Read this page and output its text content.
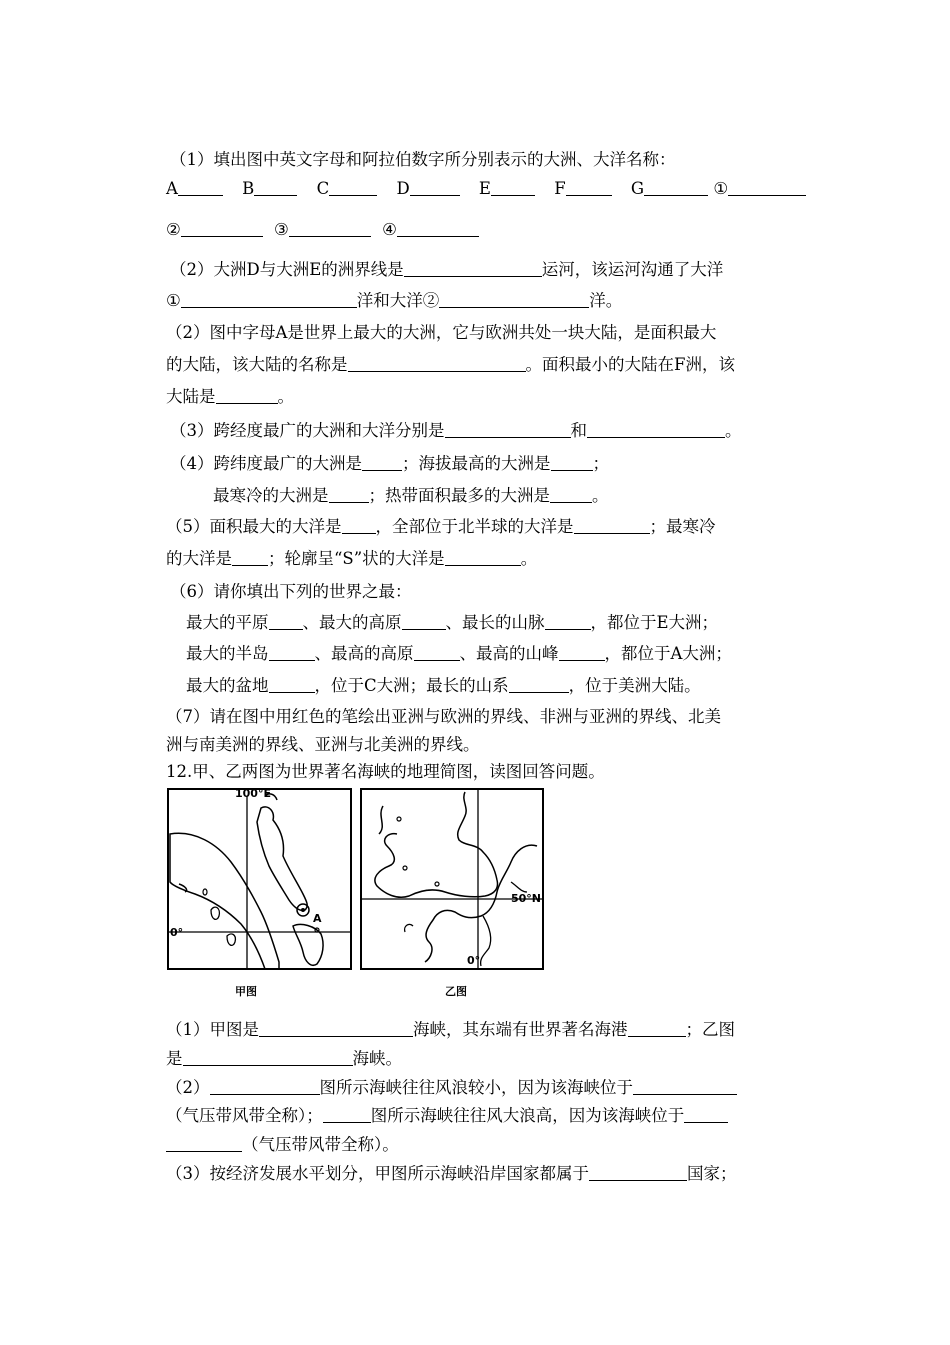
（1）填出图中英文字母和阿拉伯数字所分别表示的大洲、大洋名称：
A	B	C	D	E	F	G	①
②	③	④
（2）大洲D与大洲E的洲界线是	运河，该运河沟通了大洋
①	洋和大洋②	洋。
（2）图中字母A是世界上最大的大洲，它与欧洲共处一块大陆，是面积最大
的大陆，该大陆的名称是	。面积最小的大陆在F洲，该
大陆是	。
（3）跨经度最广的大洲和大洋分别是	和	。
（4）跨纬度最广的大洲是 ；海拔最高的大洲是	；
最寒冷的大洲是 ；热带面积最多的大洲是	。
（5）面积最大的大洋是 ，全部位于北半球的大洋是	；最寒冷
的大洋是 ；轮廓呈“S”状的大洋是	。
（6）请你填出下列的世界之最：
最大的平原 、最大的高原	、最长的山脉	，都位于E大洲；
最大的半岛	、最高的高原	、最高的山峰	，都位于A大洲；
最大的盆地	，位于C大洲；最长的山系	，位于美洲大陆。
（7）请在图中用红色的笔绘出亚洲与欧洲的界线、非洲与亚洲的界线、北美
洲与南美洲的界线、亚洲与北美洲的界线。
12.甲、乙两图为世界著名海峡的地理简图，读图回答问题。
100°E
0°
A
甲图
50°N
0°
乙图
（1）甲图是	海峡，其东端有世界著名海港	；乙图
是	海峡。
（2）	图所示海峡往往风浪较小，因为该海峡位于
（气压带风带全称）；	图所示海峡往往风大浪高，因为该海峡位于
（气压带风带全称）。
（3）按经济发展水平划分，甲图所示海峡沿岸国家都属于	国家；
